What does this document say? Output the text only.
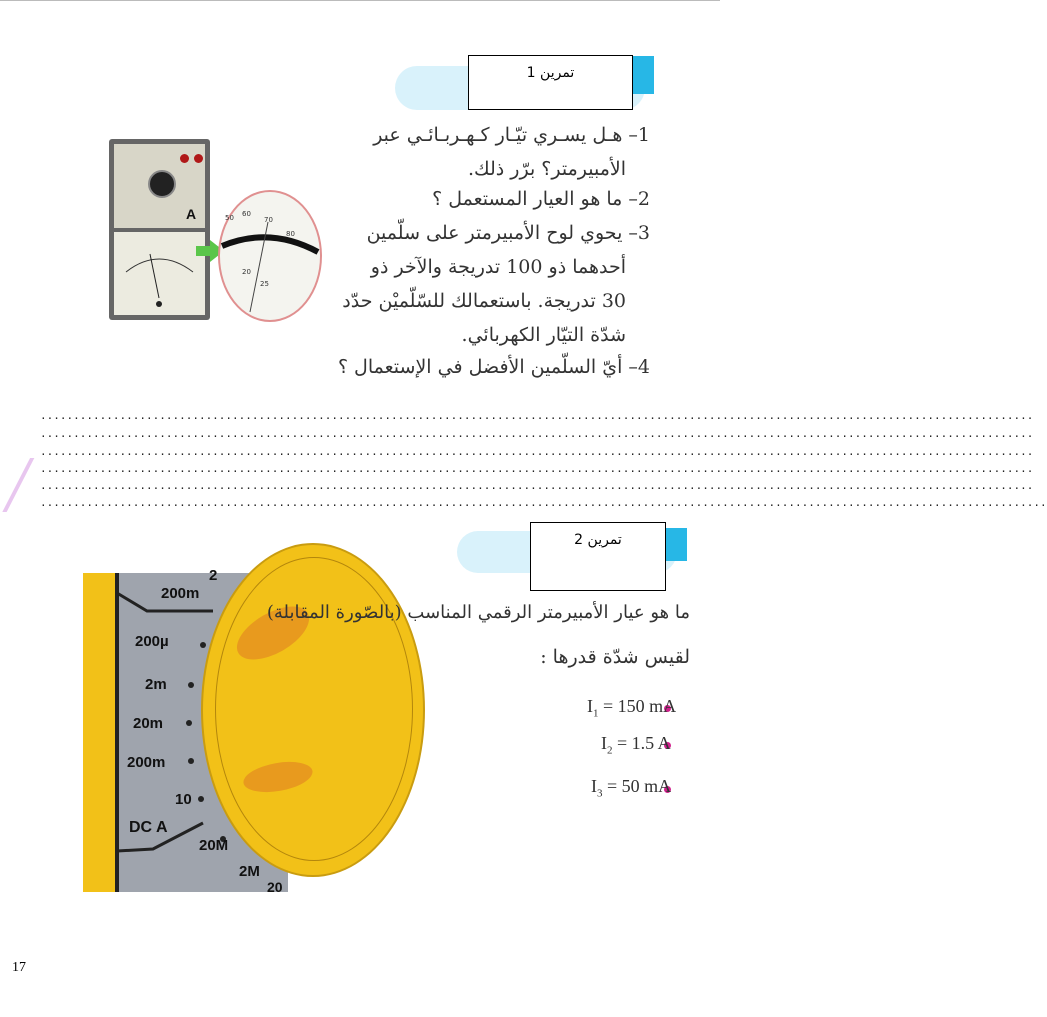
تمرين 1
A	50 60
70
80
20
25
1– هـل يسـري تيّـار كـهـربـائـي عبر
الأمبيرمتر؟ برّر ذلك.
2– ما هو العيار المستعمل ؟
3– يحوي لوح الأمبيرمتر على سلّمين
أحدهما ذو 100 تدريجة والآخر ذو
30 تدريجة. باستعمالك للسّلّميْن حدّد
شدّة التيّار الكهربائي.
4– أيّ السلّمين الأفضل في الإستعمال ؟
/
......................................................................................................................................................
......................................................................................................................................................
......................................................................................................................................................
......................................................................................................................................................
......................................................................................................................................................
........................................................................................................................................................
تمرين 2
2
200m
200µ
2m
20m
200m
10
DC A
20M
2M
20
ما هو عيار الأمبيرمتر الرقمي المناسب (بالصّورة المقابلة)
لقيس شدّة قدرها :
$I_1 = 150$ mA
$I_2 = 1.5$ A
$I_3 = 50$ mA
17
